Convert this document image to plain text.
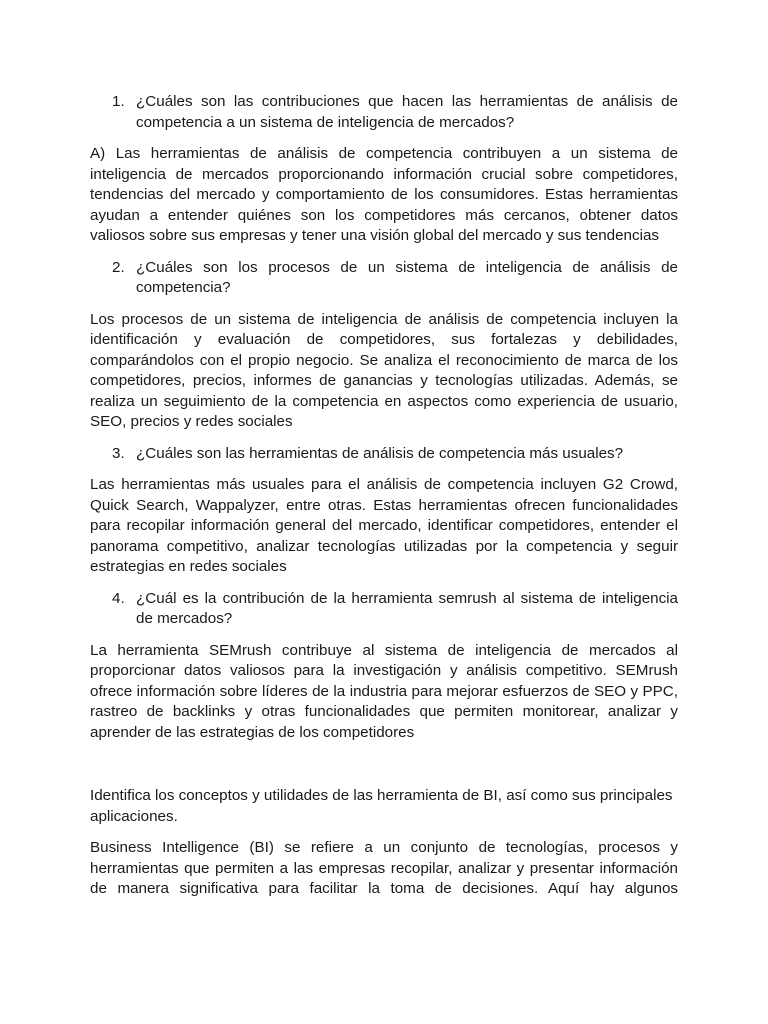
1. ¿Cuáles son las contribuciones que hacen las herramientas de análisis de competencia a un sistema de inteligencia de mercados?

A) Las herramientas de análisis de competencia contribuyen a un sistema de inteligencia de mercados proporcionando información crucial sobre competidores, tendencias del mercado y comportamiento de los consumidores. Estas herramientas ayudan a entender quiénes son los competidores más cercanos, obtener datos valiosos sobre sus empresas y tener una visión global del mercado y sus tendencias

2. ¿Cuáles son los procesos de un sistema de inteligencia de análisis de competencia?

Los procesos de un sistema de inteligencia de análisis de competencia incluyen la identificación y evaluación de competidores, sus fortalezas y debilidades, comparándolos con el propio negocio. Se analiza el reconocimiento de marca de los competidores, precios, informes de ganancias y tecnologías utilizadas. Además, se realiza un seguimiento de la competencia en aspectos como experiencia de usuario, SEO, precios y redes sociales

3. ¿Cuáles son las herramientas de análisis de competencia más usuales?

Las herramientas más usuales para el análisis de competencia incluyen G2 Crowd, Quick Search, Wappalyzer, entre otras. Estas herramientas ofrecen funcionalidades para recopilar información general del mercado, identificar competidores, entender el panorama competitivo, analizar tecnologías utilizadas por la competencia y seguir estrategias en redes sociales

4. ¿Cuál es la contribución de la herramienta semrush al sistema de inteligencia de mercados?

La herramienta SEMrush contribuye al sistema de inteligencia de mercados al proporcionar datos valiosos para la investigación y análisis competitivo. SEMrush ofrece información sobre líderes de la industria para mejorar esfuerzos de SEO y PPC, rastreo de backlinks y otras funcionalidades que permiten monitorear, analizar y aprender de las estrategias de los competidores

Identifica los conceptos y utilidades de las herramienta de BI, así como sus principales aplicaciones.

Business Intelligence (BI) se refiere a un conjunto de tecnologías, procesos y herramientas que permiten a las empresas recopilar, analizar y presentar información de manera significativa para facilitar la toma de decisiones. Aquí hay algunos
